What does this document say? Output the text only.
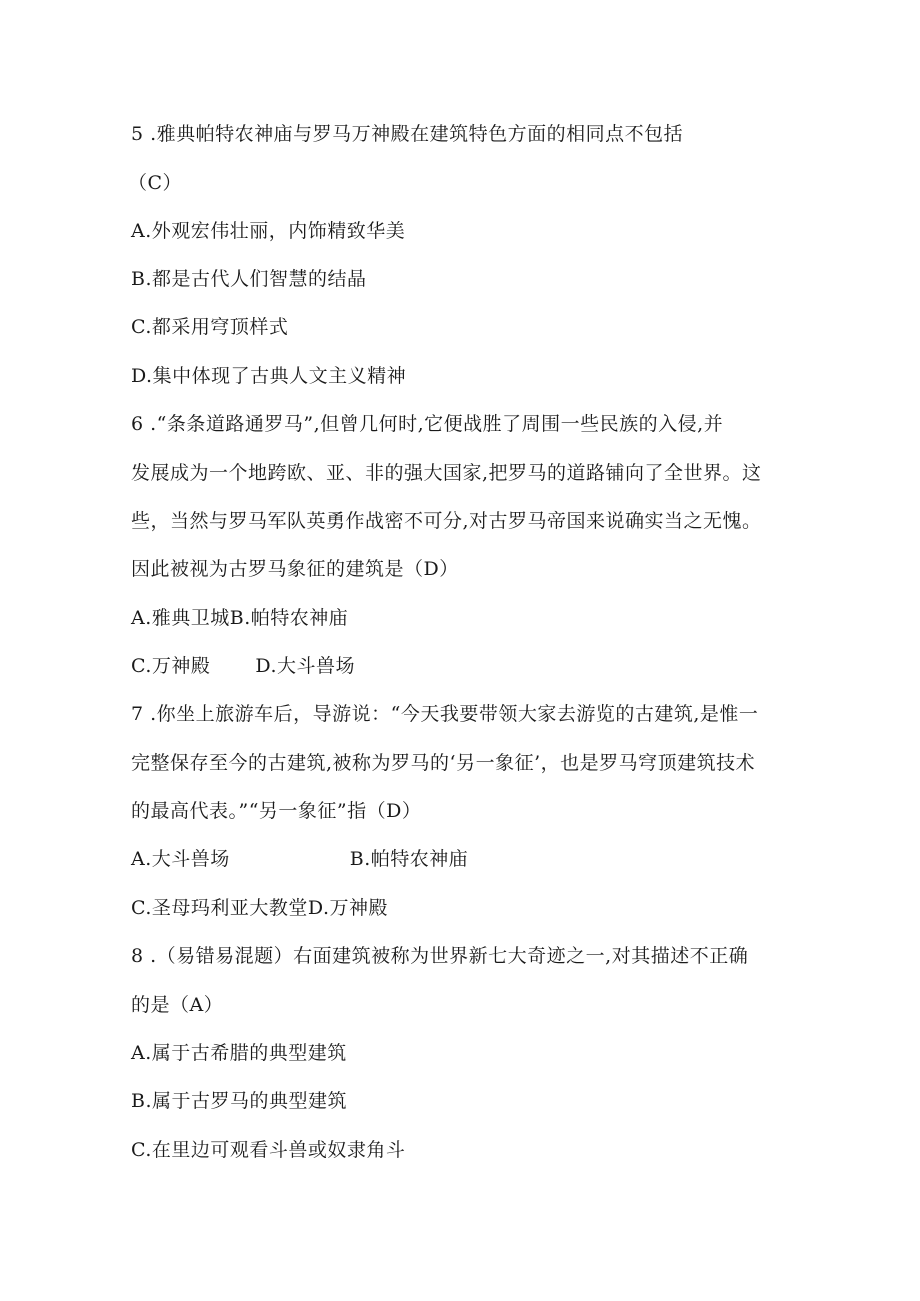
5 .雅典帕特农神庙与罗马万神殿在建筑特色方面的相同点不包括
（C）
A.外观宏伟壮丽，内饰精致华美
B.都是古代人们智慧的结晶
C.都采用穹顶样式
D.集中体现了古典人文主义精神
6 .“条条道路通罗马”,但曾几何时,它便战胜了周围一些民族的入侵,并
发展成为一个地跨欧、亚、非的强大国家,把罗马的道路铺向了全世界。这
些，当然与罗马军队英勇作战密不可分,对古罗马帝国来说确实当之无愧。
因此被视为古罗马象征的建筑是（D）
A.雅典卫城B.帕特农神庙
C.万神殿 D.大斗兽场
7 .你坐上旅游车后，导游说：“今天我要带领大家去游览的古建筑,是惟一
完整保存至今的古建筑,被称为罗马的‘另一象征’，也是罗马穹顶建筑技术
的最高代表。”“另一象征”指（D）
A.大斗兽场	B.帕特农神庙
C.圣母玛利亚大教堂D.万神殿
8 .（易错易混题）右面建筑被称为世界新七大奇迹之一,对其描述不正确
的是（A）
A.属于古希腊的典型建筑
B.属于古罗马的典型建筑
C.在里边可观看斗兽或奴隶角斗
